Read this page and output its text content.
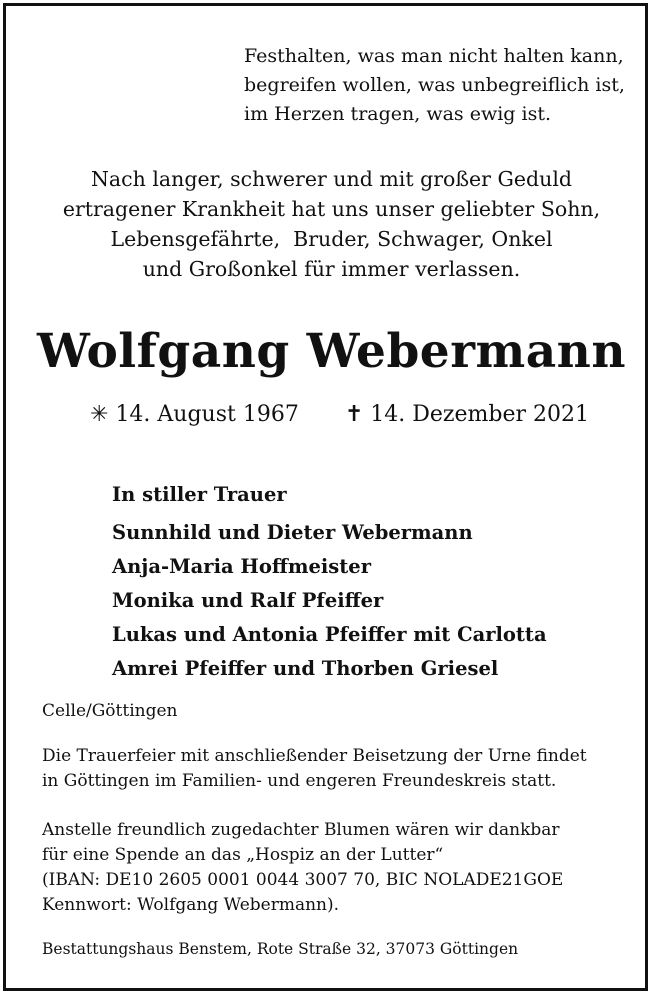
Festhalten, was man nicht halten kann,
begreifen wollen, was unbegreiflich ist,
im Herzen tragen, was ewig ist.
Nach langer, schwerer und mit großer Geduld
ertragener Krankheit hat uns unser geliebter Sohn,
Lebensgefährte,  Bruder, Schwager, Onkel
und Großonkel für immer verlassen.
Wolfgang Webermann
✳ 14. August 1967 ✝ 14. Dezember 2021
In stiller Trauer
Sunnhild und Dieter Webermann
Anja-Maria Hoffmeister
Monika und Ralf Pfeiffer
Lukas und Antonia Pfeiffer mit Carlotta
Amrei Pfeiffer und Thorben Griesel
Celle/Göttingen
Die Trauerfeier mit anschließender Beisetzung der Urne findet
in Göttingen im Familien- und engeren Freundeskreis statt.
Anstelle freundlich zugedachter Blumen wären wir dankbar
für eine Spende an das „Hospiz an der Lutter“
(IBAN: DE10 2605 0001 0044 3007 70, BIC NOLADE21GOE
Kennwort: Wolfgang Webermann).
Bestattungshaus Benstem, Rote Straße 32, 37073 Göttingen
